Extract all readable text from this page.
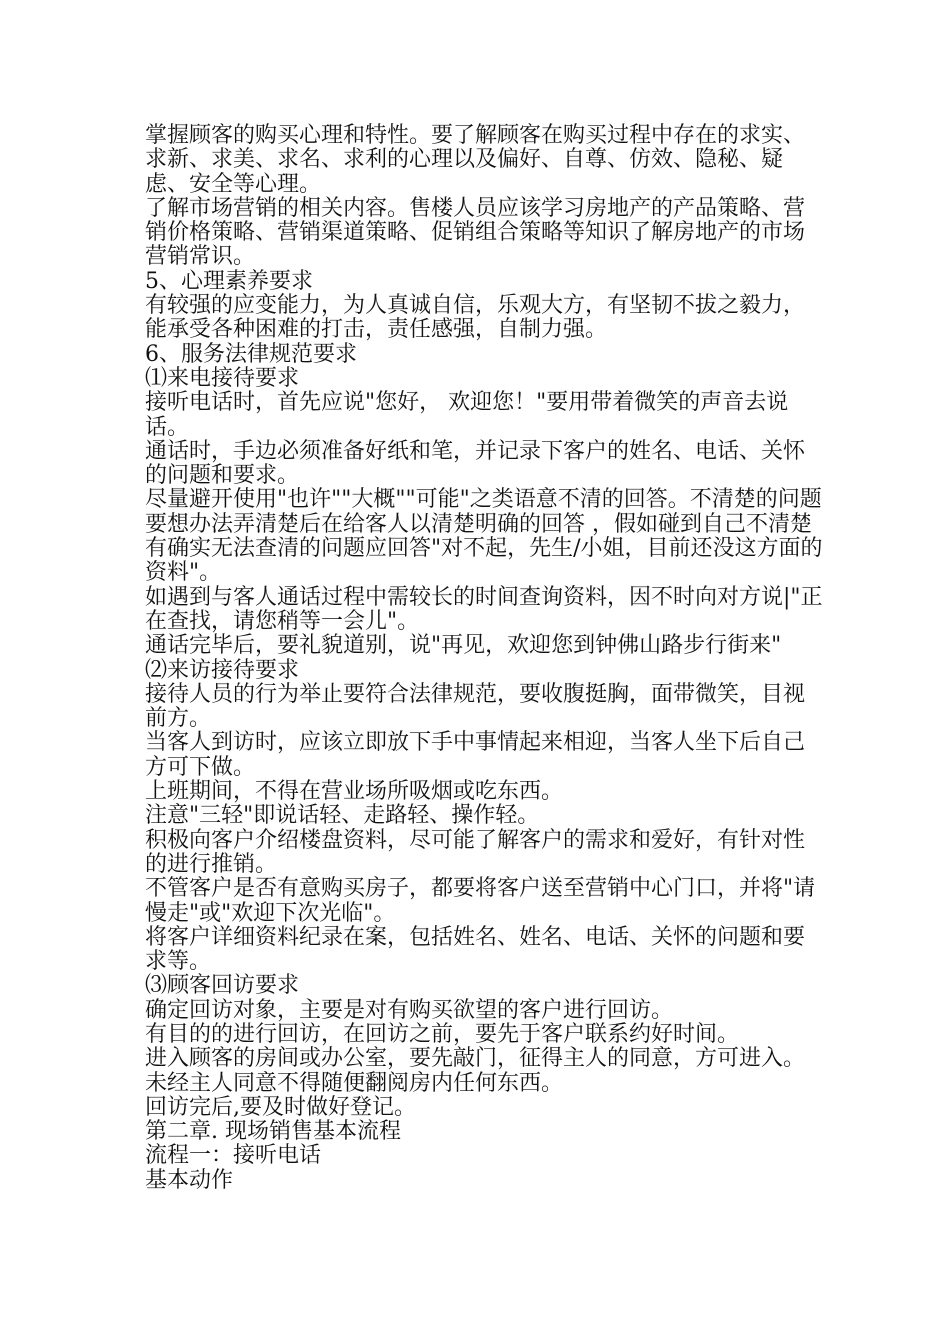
掌握顾客的购买心理和特性。要了解顾客在购买过程中存在的求实、求新、求美、求名、求利的心理以及偏好、自尊、仿效、隐秘、疑虑、安全等心理。

了解市场营销的相关内容。售楼人员应该学习房地产的产品策略、营销价格策略、营销渠道策略、促销组合策略等知识了解房地产的市场营销常识。

5、心理素养要求

有较强的应变能力，为人真诚自信，乐观大方，有坚韧不拔之毅力，能承受各种困难的打击，责任感强，自制力强。

6、服务法律规范要求

⑴来电接待要求

接听电话时，首先应说"您好， 欢迎您！"要用带着微笑的声音去说话。

通话时，手边必须准备好纸和笔，并记录下客户的姓名、电话、关怀的问题和要求。

尽量避开使用"也许""大概""可能"之类语意不清的回答。不清楚的问题要想办法弄清楚后在给客人以清楚明确的回答 ，假如碰到自己不清楚有确实无法查清的问题应回答"对不起，先生/小姐，目前还没这方面的资料"。

如遇到与客人通话过程中需较长的时间查询资料，因不时向对方说|"正在查找，请您稍等一会儿"。

通话完毕后，要礼貌道别，说"再见，欢迎您到钟佛山路步行街来"

⑵来访接待要求

接待人员的行为举止要符合法律规范，要收腹挺胸，面带微笑，目视前方。

当客人到访时，应该立即放下手中事情起来相迎，当客人坐下后自己方可下做。

上班期间，不得在营业场所吸烟或吃东西。

注意"三轻"即说话轻、走路轻、操作轻。

积极向客户介绍楼盘资料，尽可能了解客户的需求和爱好，有针对性的进行推销。

不管客户是否有意购买房子，都要将客户送至营销中心门口，并将"请慢走"或"欢迎下次光临"。

将客户详细资料纪录在案，包括姓名、姓名、电话、关怀的问题和要求等。

⑶顾客回访要求

确定回访对象，主要是对有购买欲望的客户进行回访。

有目的的进行回访，在回访之前，要先于客户联系约好时间。

进入顾客的房间或办公室，要先敲门，征得主人的同意，方可进入。未经主人同意不得随便翻阅房内任何东西。

回访完后,要及时做好登记。

第二章. 现场销售基本流程

流程一：接听电话

基本动作
